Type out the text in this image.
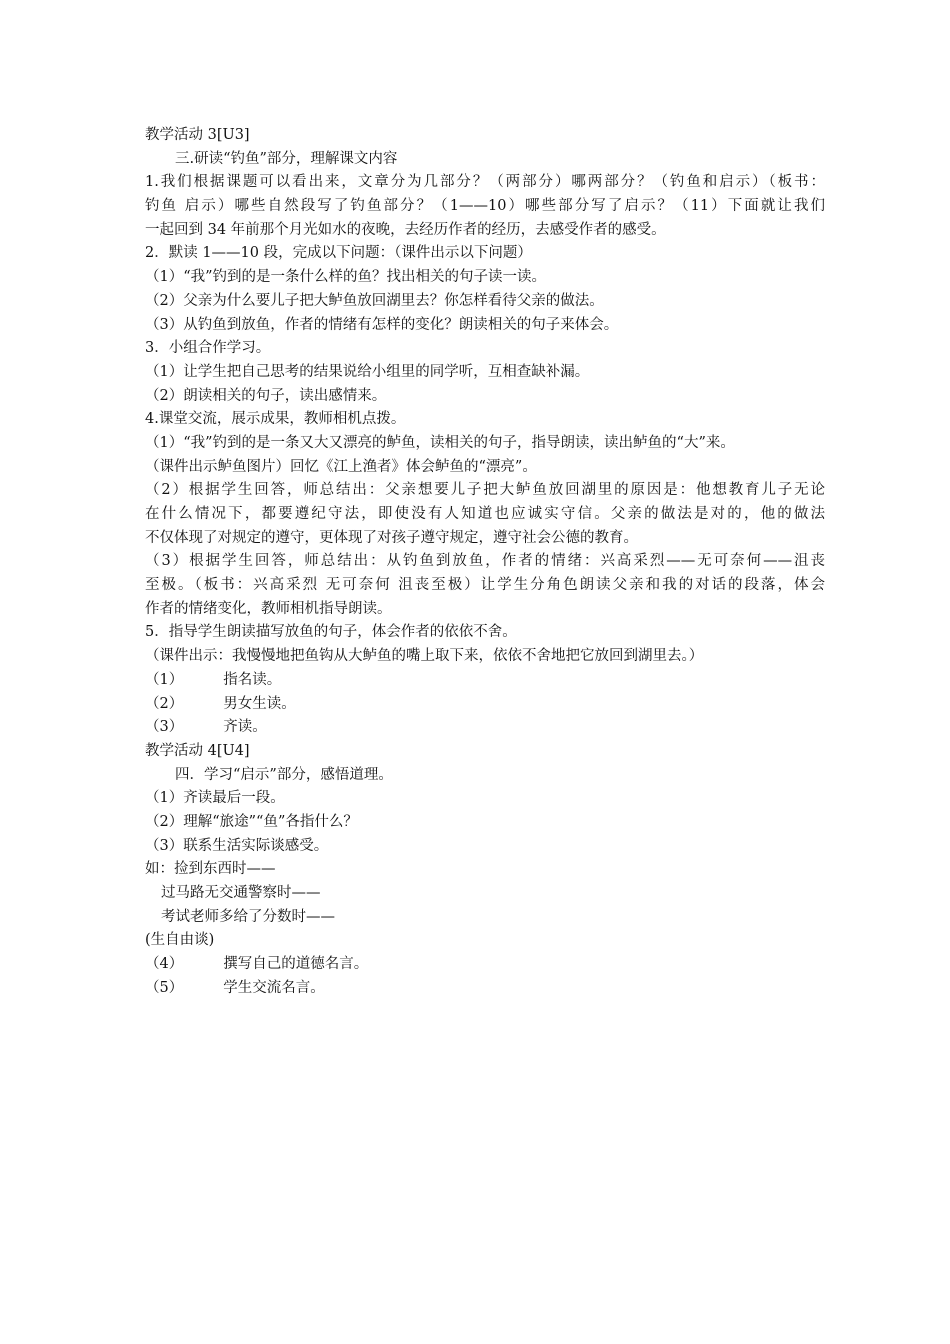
教学活动 3[U3]
三.研读“钓鱼”部分，理解课文内容
1.我们根据课题可以看出来，文章分为几部分？（两部分）哪两部分？（钓鱼和启示）（板书：
钓鱼 启示）哪些自然段写了钓鱼部分？（1——10）哪些部分写了启示？（11）下面就让我们
一起回到 34 年前那个月光如水的夜晚，去经历作者的经历，去感受作者的感受。
2．默读 1——10 段，完成以下问题：（课件出示以下问题）
（1）“我”钓到的是一条什么样的鱼？找出相关的句子读一读。
（2）父亲为什么要儿子把大鲈鱼放回湖里去？你怎样看待父亲的做法。
（3）从钓鱼到放鱼，作者的情绪有怎样的变化？朗读相关的句子来体会。
3．小组合作学习。
（1）让学生把自己思考的结果说给小组里的同学听，互相查缺补漏。
（2）朗读相关的句子，读出感情来。
4.课堂交流，展示成果，教师相机点拨。
（1）“我”钓到的是一条又大又漂亮的鲈鱼，读相关的句子，指导朗读，读出鲈鱼的“大”来。
（课件出示鲈鱼图片）回忆《江上渔者》体会鲈鱼的“漂亮”。
（2）根据学生回答，师总结出：父亲想要儿子把大鲈鱼放回湖里的原因是：他想教育儿子无论
在什么情况下，都要遵纪守法，即使没有人知道也应诚实守信。父亲的做法是对的，他的做法
不仅体现了对规定的遵守，更体现了对孩子遵守规定，遵守社会公德的教育。
（3）根据学生回答，师总结出：从钓鱼到放鱼，作者的情绪：兴高采烈——无可奈何——沮丧
至极。（板书：兴高采烈 无可奈何 沮丧至极）让学生分角色朗读父亲和我的对话的段落，体会
作者的情绪变化，教师相机指导朗读。
5．指导学生朗读描写放鱼的句子，体会作者的依依不舍。
（课件出示：我慢慢地把鱼钩从大鲈鱼的嘴上取下来，依依不舍地把它放回到湖里去。）
（1）	指名读。
（2）	男女生读。
（3）	齐读。
教学活动 4[U4]
四．学习“启示”部分，感悟道理。
（1）齐读最后一段。
（2）理解“旅途”“鱼”各指什么？
（3）联系生活实际谈感受。
如：捡到东西时——
过马路无交通警察时——
考试老师多给了分数时——
(生自由谈)
（4）	撰写自己的道德名言。
（5）	学生交流名言。
